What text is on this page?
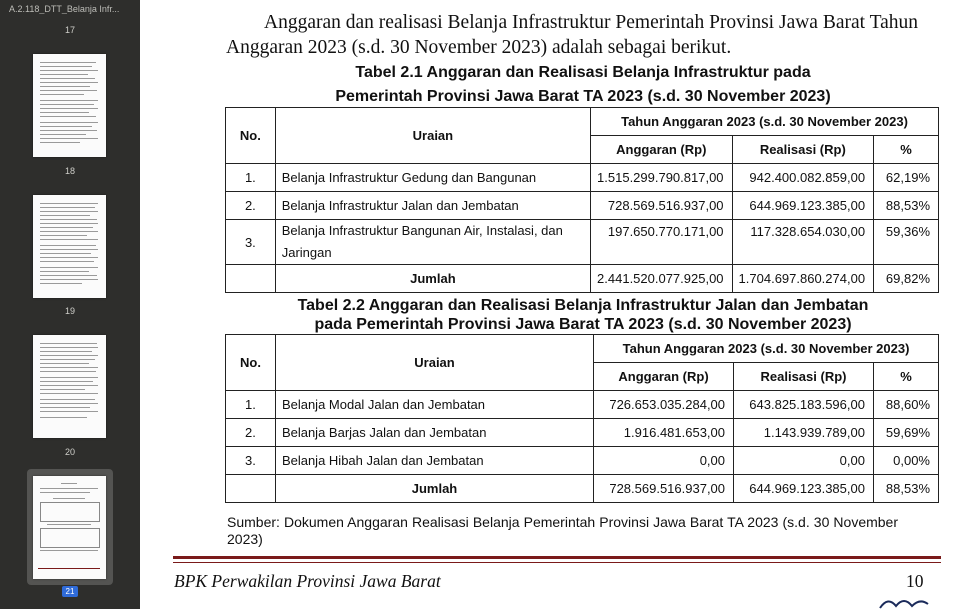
A.2.118_DTT_Belanja Infr...
17
18
19
20
21
Anggaran dan realisasi Belanja Infrastruktur Pemerintah Provinsi Jawa Barat Tahun Anggaran 2023 (s.d. 30 November 2023) adalah sebagai berikut.
Tabel 2.1 Anggaran dan Realisasi Belanja Infrastruktur pada
Pemerintah Provinsi Jawa Barat TA 2023 (s.d. 30 November 2023)
No.	Uraian	Tahun Anggaran 2023 (s.d. 30 November 2023)		
		Anggaran (Rp)	Realisasi (Rp)	%
1.	Belanja Infrastruktur Gedung dan Bangunan	1.515.299.790.817,00	942.400.082.859,00	62,19%
2.	Belanja Infrastruktur Jalan dan Jembatan	728.569.516.937,00	644.969.123.385,00	88,53%
3.	Belanja Infrastruktur Bangunan Air, Instalasi, dan Jaringan	197.650.770.171,00	117.328.654.030,00	59,36%
	Jumlah	2.441.520.077.925,00	1.704.697.860.274,00	69,82%
Tabel 2.2 Anggaran dan Realisasi Belanja Infrastruktur Jalan dan Jembatan
pada Pemerintah Provinsi Jawa Barat TA 2023 (s.d. 30 November 2023)
No.	Uraian	Tahun Anggaran 2023 (s.d. 30 November 2023)		
		Anggaran (Rp)	Realisasi (Rp)	%
1.	Belanja Modal Jalan dan Jembatan	726.653.035.284,00	643.825.183.596,00	88,60%
2.	Belanja Barjas Jalan dan Jembatan	1.916.481.653,00	1.143.939.789,00	59,69%
3.	Belanja Hibah Jalan dan Jembatan	0,00	0,00	0,00%
	Jumlah	728.569.516.937,00	644.969.123.385,00	88,53%
Sumber: Dokumen Anggaran Realisasi Belanja Pemerintah Provinsi Jawa Barat TA 2023 (s.d. 30 November 2023)
BPK Perwakilan Provinsi Jawa Barat	10
